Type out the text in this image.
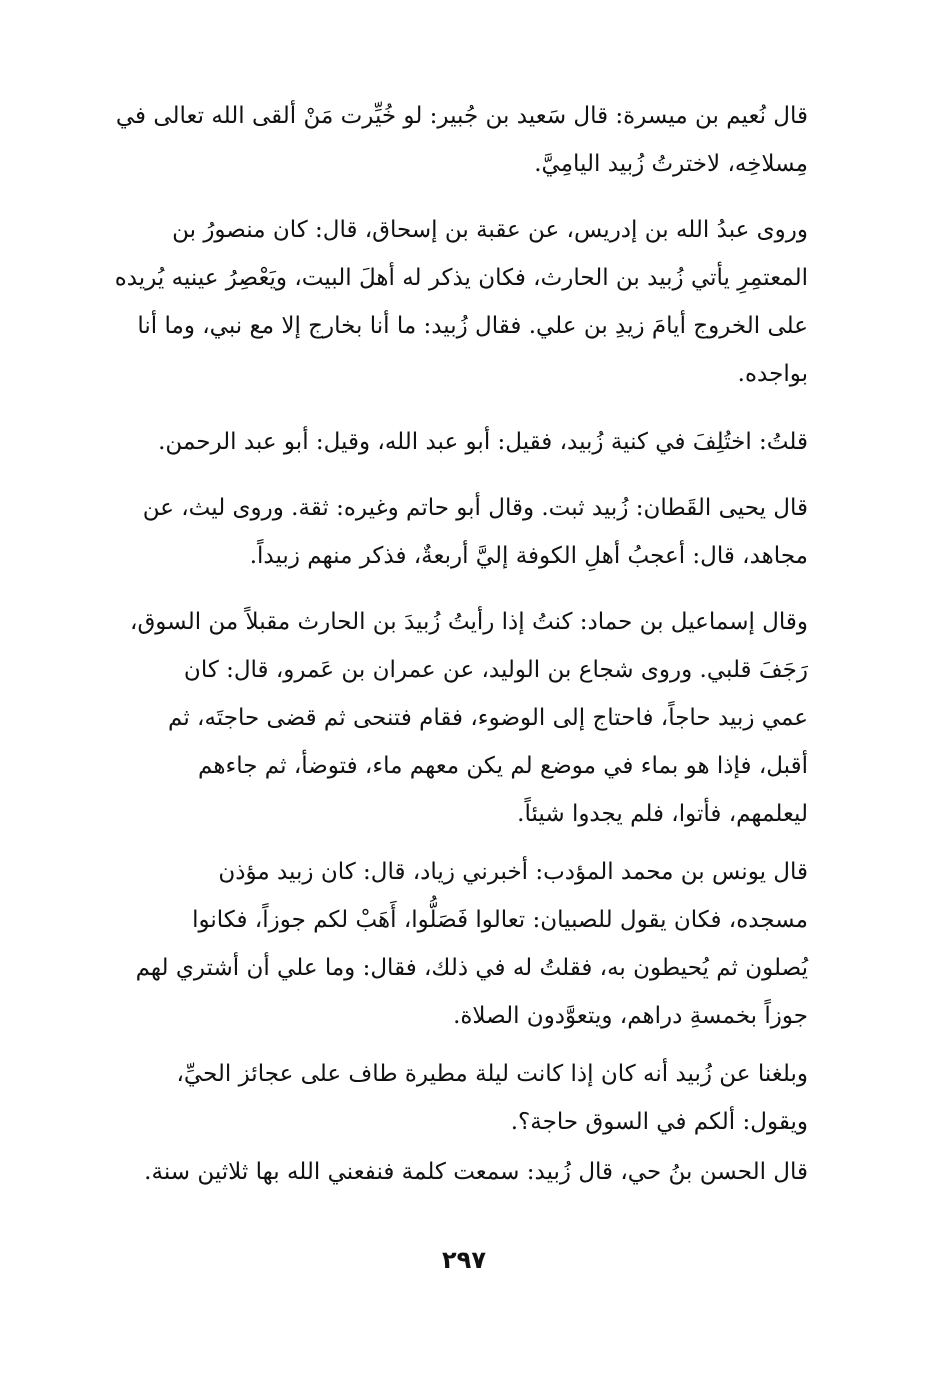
قال نُعيم بن ميسرة: قال سَعيد بن جُبير: لو خُيِّرت مَنْ ألقى الله تعالى في
مِسلاخِه، لاخترتُ زُبيد اليامِيَّ.

وروى عبدُ الله بن إدريس، عن عقبة بن إسحاق، قال: كان منصورُ بن
المعتمِرِ يأتي زُبيد بن الحارث، فكان يذكر له أهلَ البيت، ويَعْصِرُ عينيه يُريده
على الخروج أيامَ زيدِ بن علي. فقال زُبيد: ما أنا بخارج إلا مع نبي، وما أنا
بواجده.

قلتُ: اختُلِفَ في كنية زُبيد، فقيل: أبو عبد الله، وقيل: أبو عبد الرحمن.

قال يحيى القَطان: زُبيد ثبت. وقال أبو حاتم وغيره: ثقة. وروى ليث، عن
مجاهد، قال: أعجبُ أهلِ الكوفة إليَّ أربعةٌ، فذكر منهم زبيداً.

وقال إسماعيل بن حماد: كنتُ إذا رأيتُ زُبيدَ بن الحارث مقبلاً من السوق،
رَجَفَ قلبي. وروى شجاع بن الوليد، عن عمران بن عَمرو، قال: كان
عمي زبيد حاجاً، فاحتاج إلى الوضوء، فقام فتنحى ثم قضى حاجتَه، ثم
أقبل، فإذا هو بماء في موضع لم يكن معهم ماء، فتوضأ، ثم جاءهم
ليعلمهم، فأتوا، فلم يجدوا شيئاً.

قال يونس بن محمد المؤدب: أخبرني زياد، قال: كان زبيد مؤذن
مسجده، فكان يقول للصبيان: تعالوا فَصَلُّوا، أَهَبْ لكم جوزاً، فكانوا
يُصلون ثم يُحيطون به، فقلتُ له في ذلك، فقال: وما علي أن أشتري لهم
جوزاً بخمسةِ دراهم، ويتعوَّدون الصلاة.

وبلغنا عن زُبيد أنه كان إذا كانت ليلة مطيرة طاف على عجائز الحيِّ،
ويقول: ألكم في السوق حاجة؟.

قال الحسن بنُ حي، قال زُبيد: سمعت كلمة فنفعني الله بها ثلاثين سنة.

٢٩٧
